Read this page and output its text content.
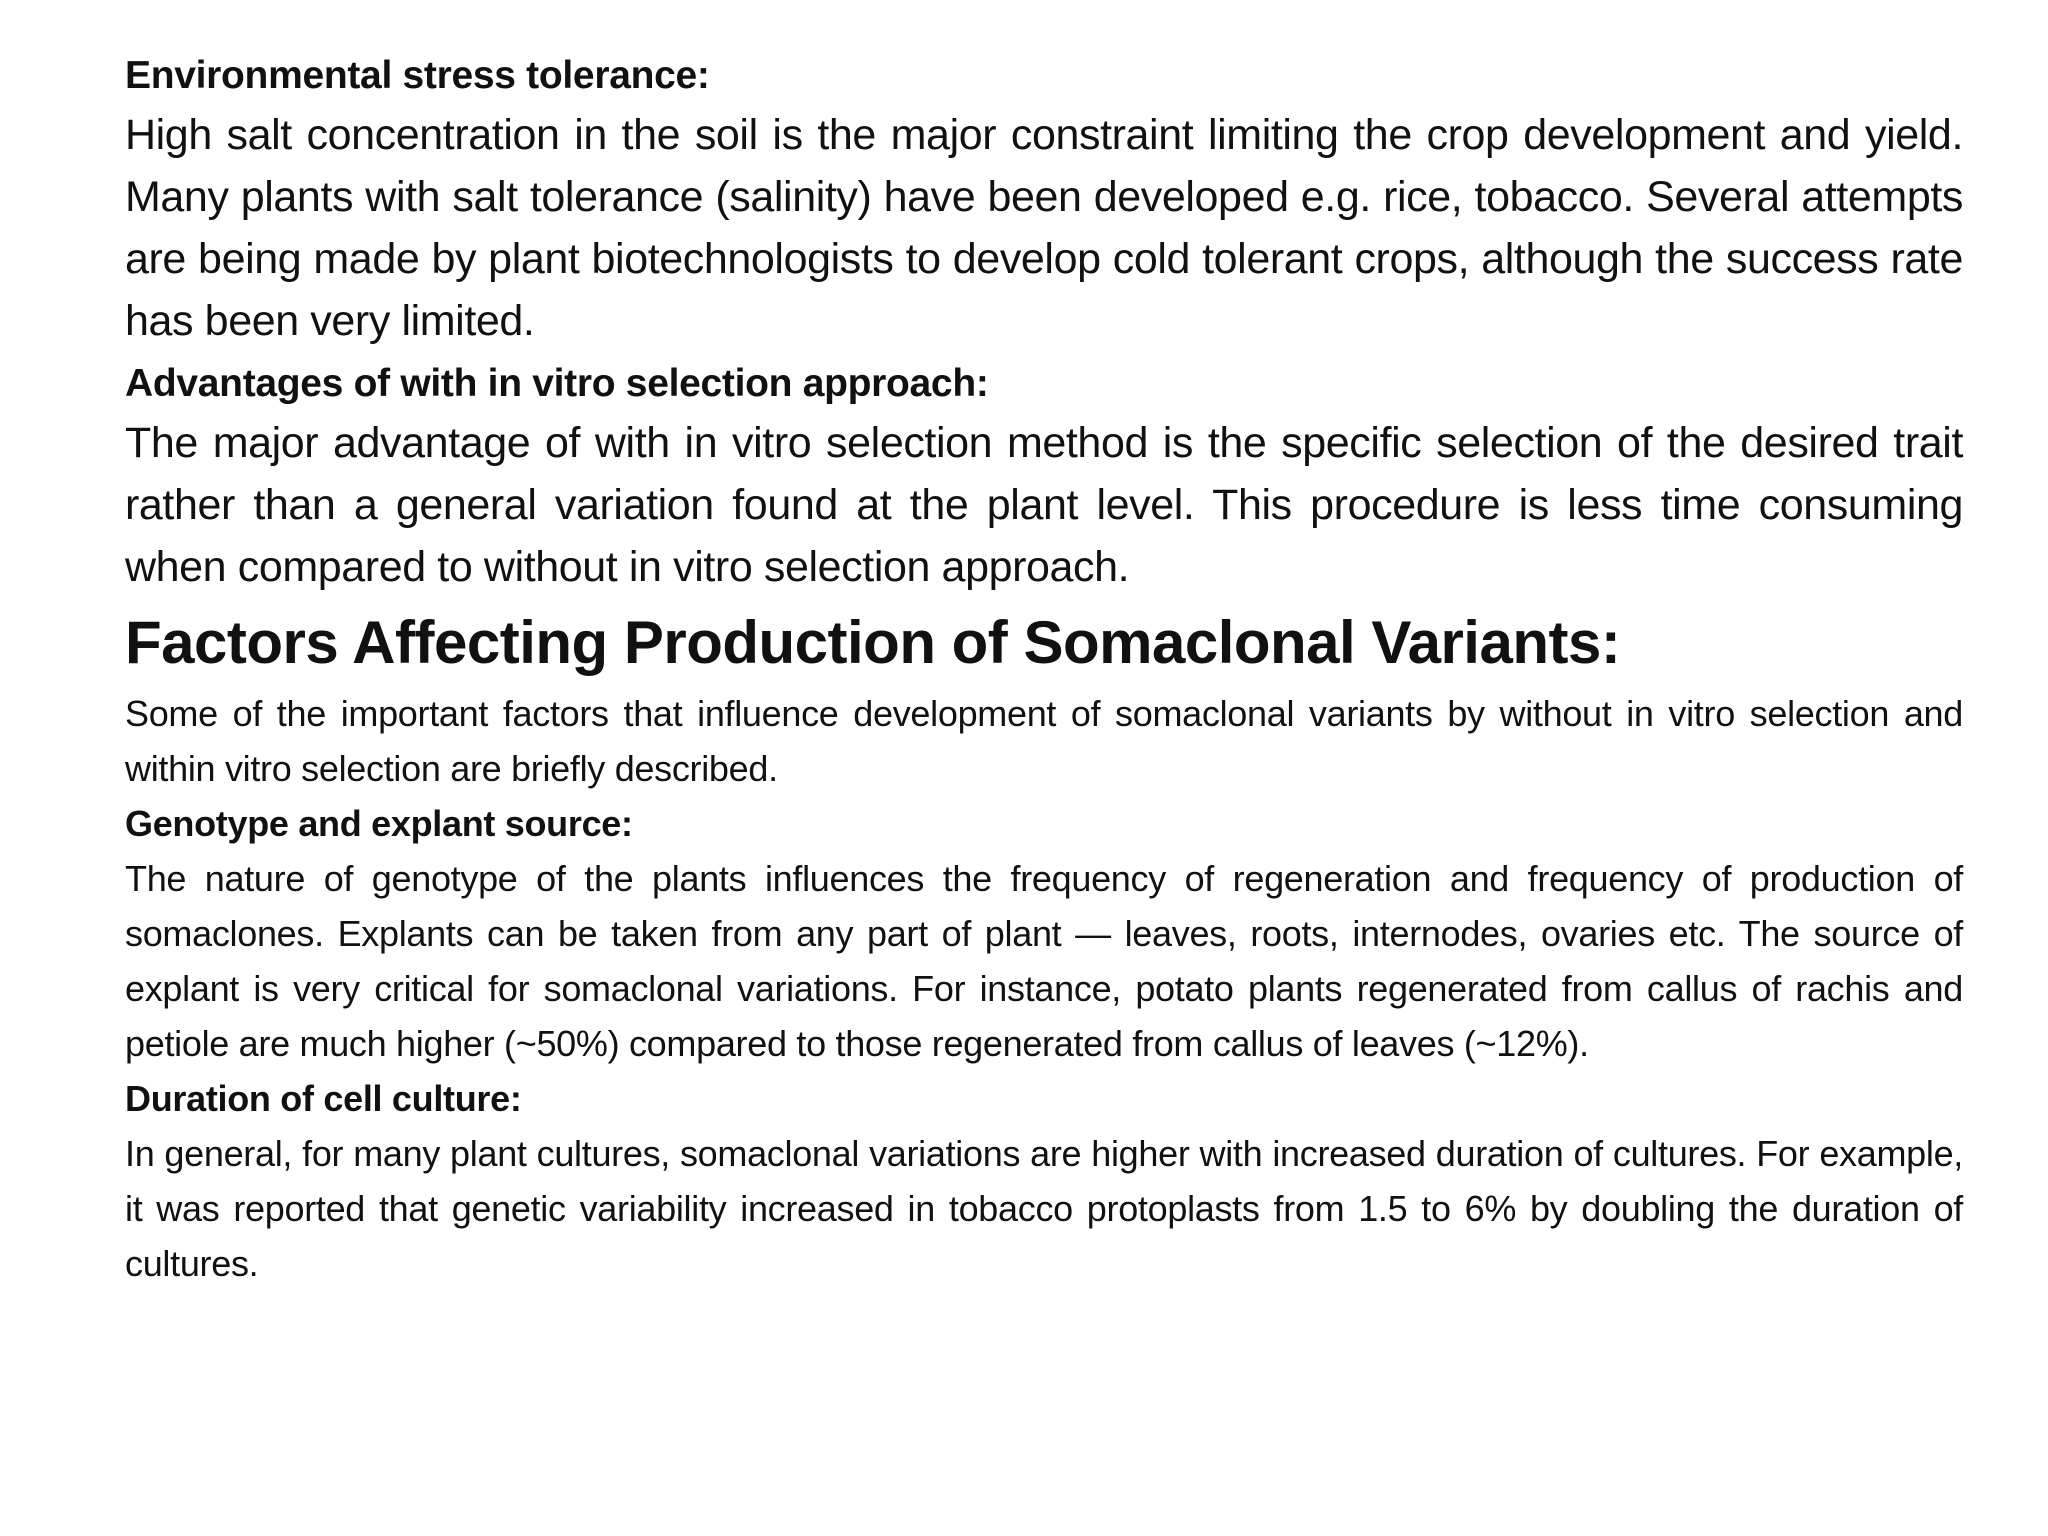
Environmental stress tolerance:

High salt concentration in the soil is the major constraint limiting the crop development and yield. Many plants with salt tolerance (salinity) have been developed e.g. rice, tobacco. Several attempts are being made by plant biotechnologists to develop cold tolerant crops, although the success rate has been very limited.

Advantages of with in vitro selection approach:

The major advantage of with in vitro selection method is the specific selection of the desired trait rather than a general variation found at the plant level. This procedure is less time consuming when compared to without in vitro selection approach.

Factors Affecting Production of Somaclonal Variants:

Some of the important factors that influence development of somaclonal variants by without in vitro selection and within vitro selection are briefly described.

Genotype and explant source:

The nature of genotype of the plants influences the frequency of regeneration and frequency of production of somaclones. Explants can be taken from any part of plant — leaves, roots, internodes, ovaries etc. The source of explant is very critical for somaclonal variations. For instance, potato plants regenerated from callus of rachis and petiole are much higher (~50%) compared to those regenerated from callus of leaves (~12%).

Duration of cell culture:

In general, for many plant cultures, somaclonal variations are higher with increased duration of cultures. For example, it was reported that genetic variability increased in tobacco protoplasts from 1.5 to 6% by doubling the duration of cultures.
